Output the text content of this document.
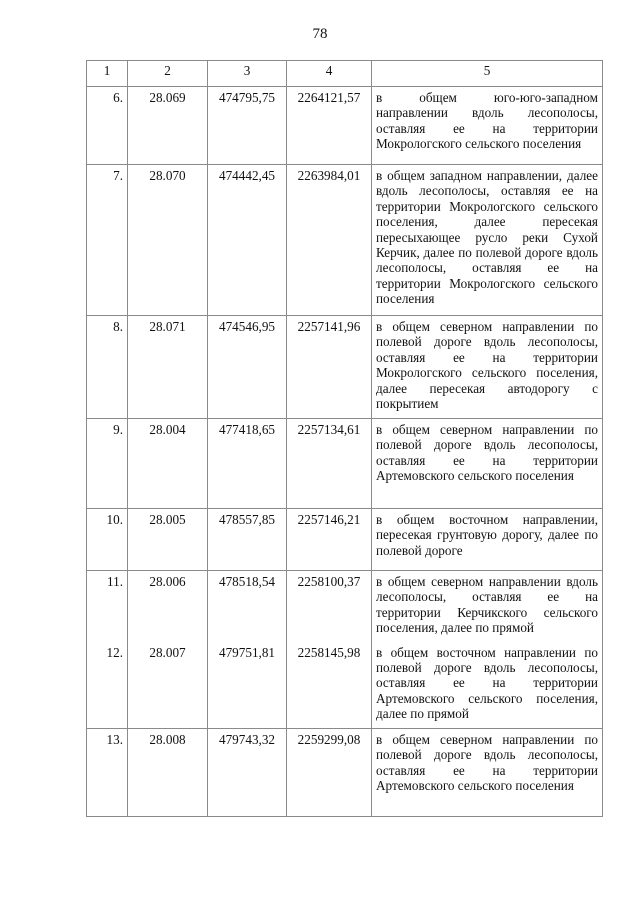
78
1	2	3	4	5
6.	28.069	474795,75	2264121,57	в общем юго-юго-западном направлении вдоль лесополосы, оставляя ее на территории Мокрологского сельского поселения
7.	28.070	474442,45	2263984,01	в общем западном направлении, далее вдоль лесополосы, оставляя ее на территории Мокрологского сельского поселения, далее пересекая пересыхающее русло реки Сухой Керчик, далее по полевой дороге вдоль лесополосы, оставляя ее на территории Мокрологского сельского поселения
8.	28.071	474546,95	2257141,96	в общем северном направлении по полевой дороге вдоль лесополосы, оставляя ее на территории Мокрологского сельского поселения, далее пересекая автодорогу с покрытием
9.	28.004	477418,65	2257134,61	в общем северном направлении по полевой дороге вдоль лесополосы, оставляя ее на территории Артемовского сельского поселения
10.	28.005	478557,85	2257146,21	в общем восточном направлении, пересекая грунтовую дорогу, далее по полевой дороге
11.	28.006	478518,54	2258100,37	в общем северном направлении вдоль лесополосы, оставляя ее на территории Керчикского сельского поселения, далее по прямой
12.	28.007	479751,81	2258145,98	в общем восточном направлении по полевой дороге вдоль лесополосы, оставляя ее на территории Артемовского сельского поселения, далее по прямой
13.	28.008	479743,32	2259299,08	в общем северном направлении по полевой дороге вдоль лесополосы, оставляя ее на территории Артемовского сельского поселения
